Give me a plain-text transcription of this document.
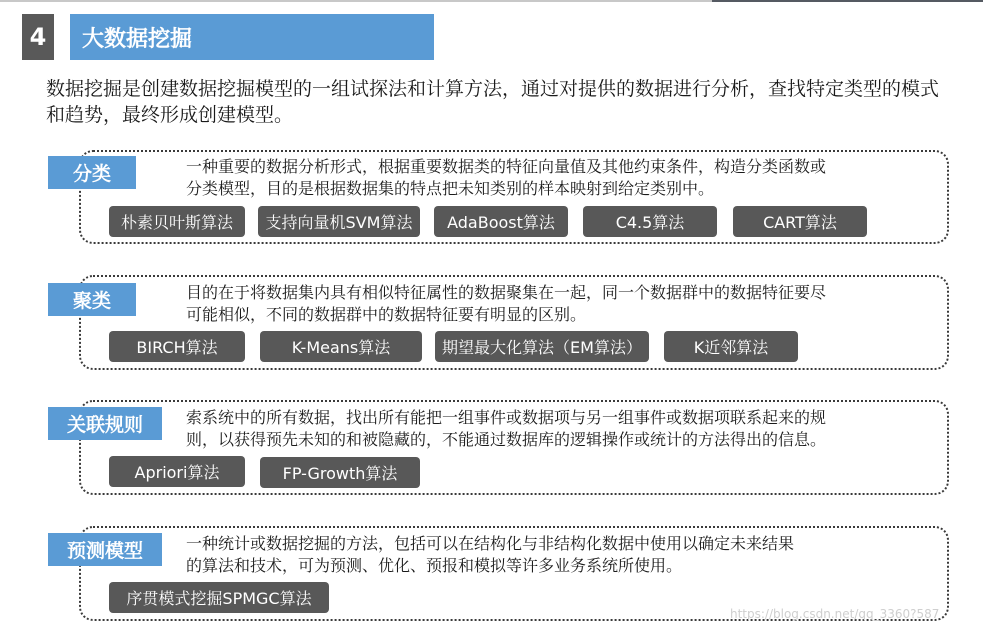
4	大数据挖掘
数据挖掘是创建数据挖掘模型的一组试探法和计算方法，通过对提供的数据进行分析，查找特定类型的模式和趋势，最终形成创建模型。
分类	一种重要的数据分析形式，根据重要数据类的特征向量值及其他约束条件，构造分类函数或
分类模型，目的是根据数据集的特点把未知类别的样本映射到给定类别中。
朴素贝叶斯算法	支持向量机SVM算法	AdaBoost算法	C4.5算法	CART算法
聚类	目的在于将数据集内具有相似特征属性的数据聚集在一起，同一个数据群中的数据特征要尽
可能相似，不同的数据群中的数据特征要有明显的区别。
BIRCH算法	K-Means算法	期望最大化算法（EM算法）	K近邻算法
关联规则	索系统中的所有数据，找出所有能把一组事件或数据项与另一组事件或数据项联系起来的规
则，以获得预先未知的和被隐藏的，不能通过数据库的逻辑操作或统计的方法得出的信息。
Apriori算法	FP-Growth算法
预测模型	一种统计或数据挖掘的方法，包括可以在结构化与非结构化数据中使用以确定未来结果
的算法和技术，可为预测、优化、预报和模拟等许多业务系统所使用。
序贯模式挖掘SPMGC算法
https://blog.csdn.net/qq_3360?587
